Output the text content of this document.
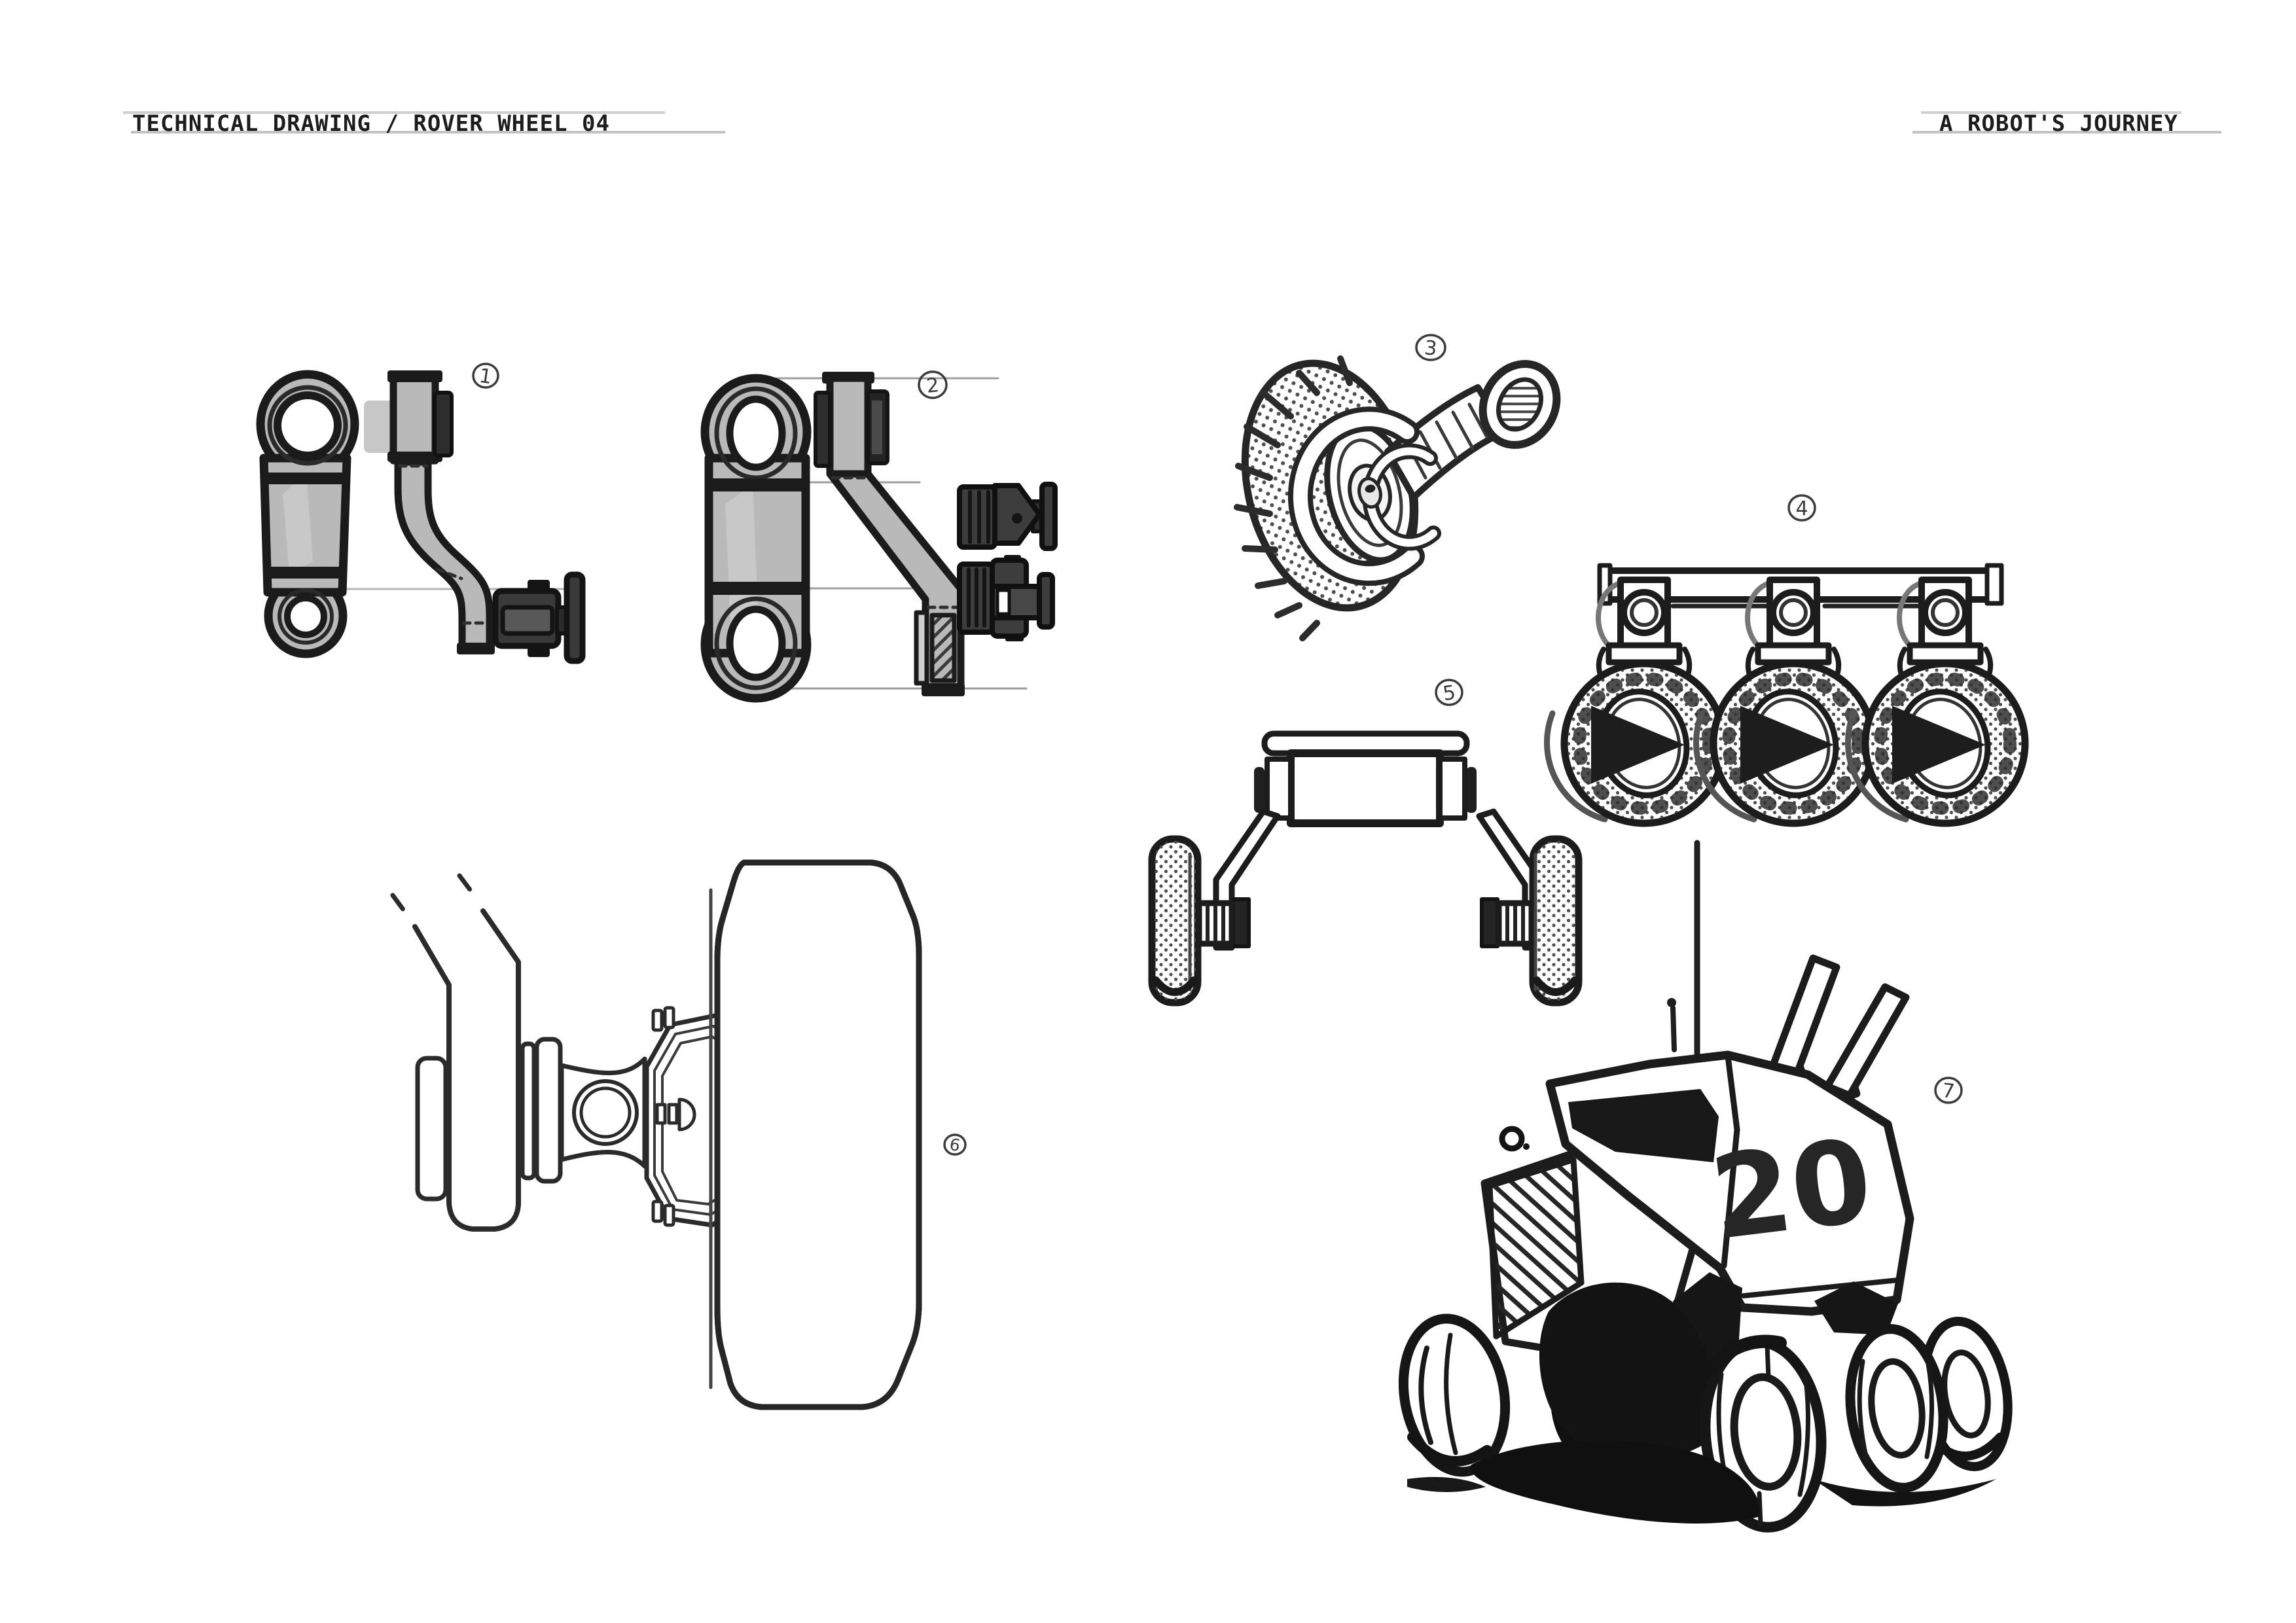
TECHNICAL DRAWING / ROVER WHEEL 04	A ROBOT'S JOURNEY
20
1	2
3
4
5
6
7
